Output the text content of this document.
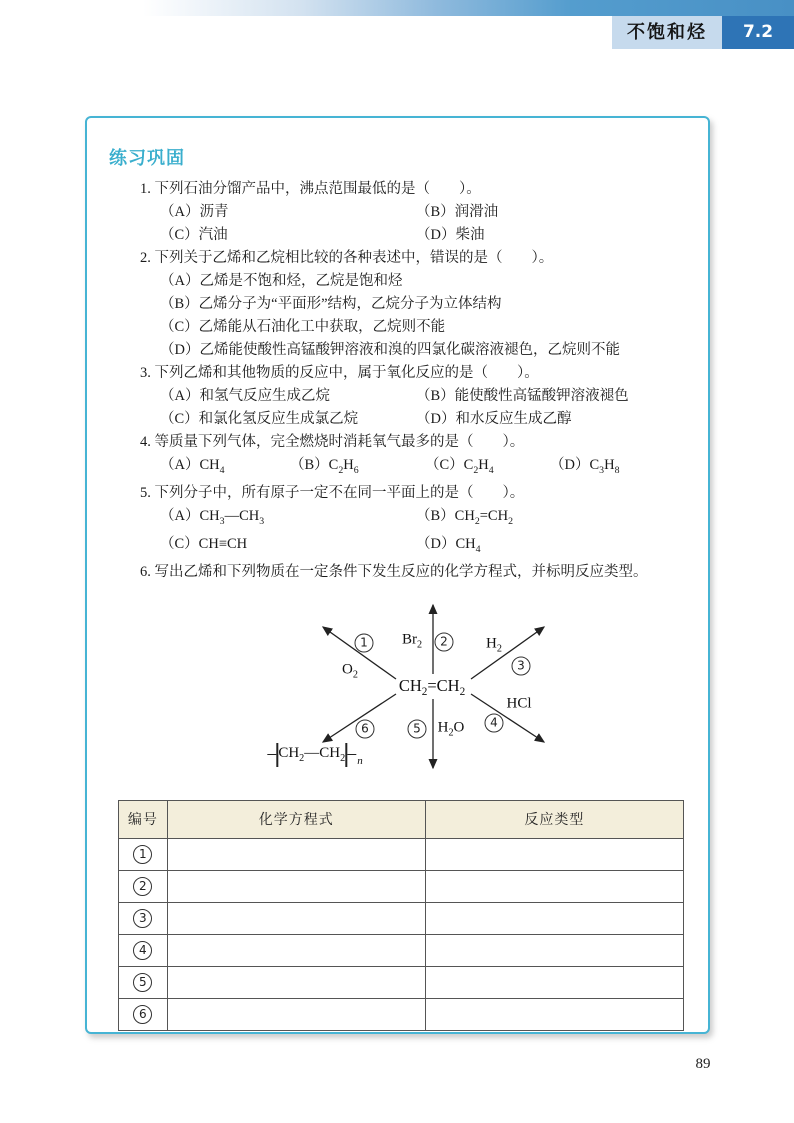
不饱和烃	7.2
练习巩固
1. 下列石油分馏产品中，沸点范围最低的是（　　）。
（A）沥青	（B）润滑油
（C）汽油	（D）柴油
2. 下列关于乙烯和乙烷相比较的各种表述中，错误的是（　　）。
（A）乙烯是不饱和烃，乙烷是饱和烃
（B）乙烯分子为“平面形”结构，乙烷分子为立体结构
（C）乙烯能从石油化工中获取，乙烷则不能
（D）乙烯能使酸性高锰酸钾溶液和溴的四氯化碳溶液褪色，乙烷则不能
3. 下列乙烯和其他物质的反应中，属于氧化反应的是（　　）。
（A）和氢气反应生成乙烷	（B）能使酸性高锰酸钾溶液褪色
（C）和氯化氢反应生成氯乙烷	（D）和水反应生成乙醇
4. 等质量下列气体，完全燃烧时消耗氧气最多的是（　　）。
$(A)CH_4$	$(B)C_2H_6$	$(C)C_2H_4$	$(D)C_3H_8$
5. 下列分子中，所有原子一定不在同一平面上的是（　　）。
$(A)CH_3—CH_3$	$(B)CH_2=CH_2$
（C）CH≡CH	$(D)CH_4$
6. 写出乙烯和下列物质在一定条件下发生反应的化学方程式，并标明反应类型。
$CH_2=CH_2$
1
$O_2$
$Br_2$	2	$H_2$
3
HCl
4
5	$H_2O$
6
$CH_2—CH_2$ $_n$
编号	化学方程式	反应类型
1		
2		
3		
4		
5		
6		
89
